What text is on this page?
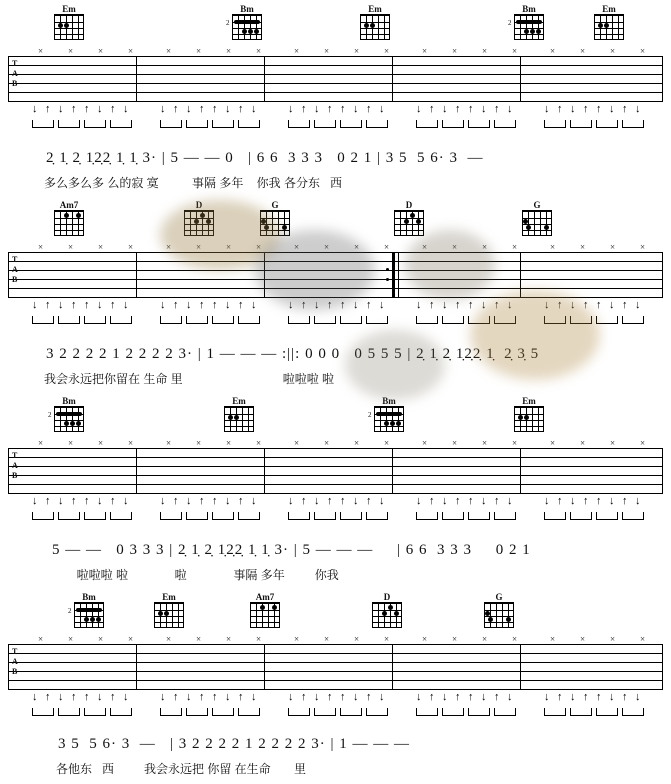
Em	Bm
2
Em	Bm
2
Em
T
A
B
2̣ 1̣ 2̣ 1̣2̣2̣ 1̣ 1̣ 3· | 5 — — 0   | 6 6  3 3 3   0 2 1 | 3 5  5 6· 3  —
多么多么多 么的寂 寞          事隔 多年    你我 各分东   西
↓ ↑ ↓ ↑ ↑ ↓ ↑ ↓	↓ ↑ ↓ ↑ ↑ ↓ ↑ ↓	↓ ↑ ↓ ↑ ↑ ↓ ↑ ↓	↓ ↑ ↓ ↑ ↑ ↓ ↑ ↓	↓ ↑ ↓ ↑ ↑ ↓ ↑ ↓
×	×	×	×	×	×	×	×	×	×	×	×	×	×	×	×	×	×	×	×
Am7	D	G	D	G
T
A
B
3 2 2 2 2 1 2 2 2 2 3· | 1 — — — :||: 0 0 0   0 5 5 5 | 2̣ 1̣ 2̣ 1̣2̣2̣ 1̣  2̣ 3̣ 5
我会永远把你留在 生命 里                              啦啦啦 啦
↓ ↑ ↓ ↑ ↑ ↓ ↑ ↓	↓ ↑ ↓ ↑ ↑ ↓ ↑ ↓	↓ ↑ ↓ ↑ ↑ ↓ ↑ ↓	↓ ↑ ↓ ↑ ↑ ↓ ↑ ↓	↓ ↑ ↓ ↑ ↑ ↓ ↑ ↓
×	×	×	×	×	×	×	×	×	×	×	×	×	×	×	×	×	×	×	×
Bm
2
Em	Bm
2
Em
T
A
B
5 — —   0 3 3 3 | 2̣ 1̣ 2̣ 1̣2̣2̣ 1̣ 1̣ 3· | 5 — — —     | 6 6  3 3 3     0 2 1
啦啦啦 啦              啦              事隔 多年         你我
↓ ↑ ↓ ↑ ↑ ↓ ↑ ↓	↓ ↑ ↓ ↑ ↑ ↓ ↑ ↓	↓ ↑ ↓ ↑ ↑ ↓ ↑ ↓	↓ ↑ ↓ ↑ ↑ ↓ ↑ ↓	↓ ↑ ↓ ↑ ↑ ↓ ↑ ↓
×	×	×	×	×	×	×	×	×	×	×	×	×	×	×	×	×	×	×	×
Bm
2
Em	Am7	D	G
T
A
B
3 5  5 6· 3  —   | 3 2 2 2 2 1 2 2 2 2 3· | 1 — — —
各他东   西         我会永远把 你留 在生命       里
↓ ↑ ↓ ↑ ↑ ↓ ↑ ↓	↓ ↑ ↓ ↑ ↑ ↓ ↑ ↓	↓ ↑ ↓ ↑ ↑ ↓ ↑ ↓	↓ ↑ ↓ ↑ ↑ ↓ ↑ ↓	↓ ↑ ↓ ↑ ↑ ↓ ↑ ↓
×	×	×	×	×	×	×	×	×	×	×	×	×	×	×	×	×	×	×	×
